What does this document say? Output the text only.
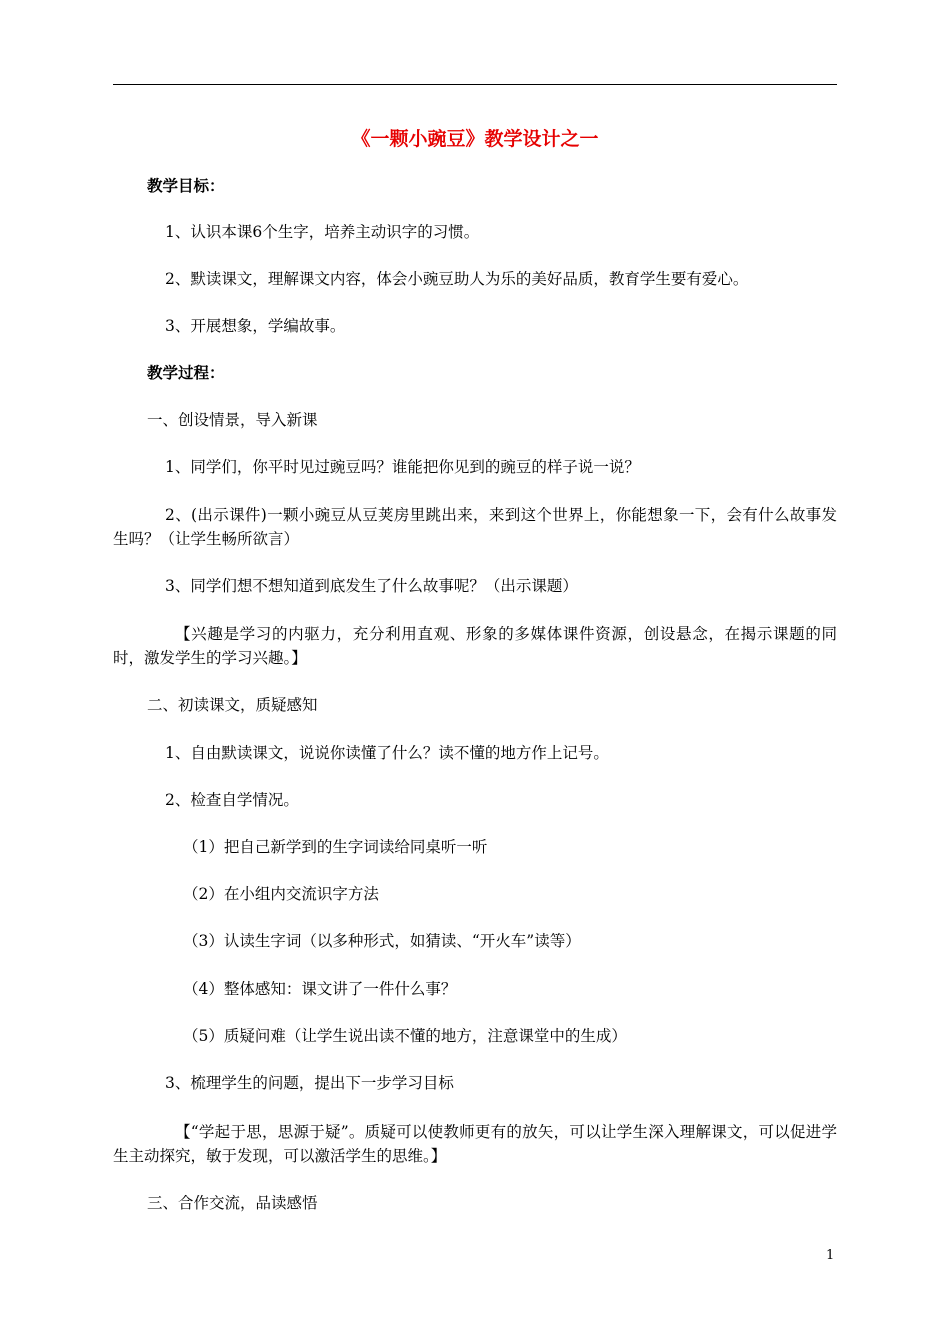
《一颗小豌豆》教学设计之一
教学目标：
1、认识本课6个生字，培养主动识字的习惯。
2、默读课文，理解课文内容，体会小豌豆助人为乐的美好品质，教育学生要有爱心。
3、开展想象，学编故事。
教学过程：
一、创设情景，导入新课
1、同学们，你平时见过豌豆吗？谁能把你见到的豌豆的样子说一说？
2、(出示课件)一颗小豌豆从豆荚房里跳出来，来到这个世界上，你能想象一下，会有什么故事发生吗？（让学生畅所欲言）
3、同学们想不想知道到底发生了什么故事呢？（出示课题）
【兴趣是学习的内驱力，充分利用直观、形象的多媒体课件资源，创设悬念，在揭示课题的同时，激发学生的学习兴趣。】
二、初读课文，质疑感知
1、自由默读课文，说说你读懂了什么？读不懂的地方作上记号。
2、检查自学情况。
（1）把自己新学到的生字词读给同桌听一听
（2）在小组内交流识字方法
（3）认读生字词（以多种形式，如猜读、“开火车”读等）
（4）整体感知：课文讲了一件什么事？
（5）质疑问难（让学生说出读不懂的地方，注意课堂中的生成）
3、梳理学生的问题，提出下一步学习目标
【“学起于思，思源于疑”。质疑可以使教师更有的放矢，可以让学生深入理解课文，可以促进学生主动探究，敏于发现，可以激活学生的思维。】
三、合作交流，品读感悟
1
